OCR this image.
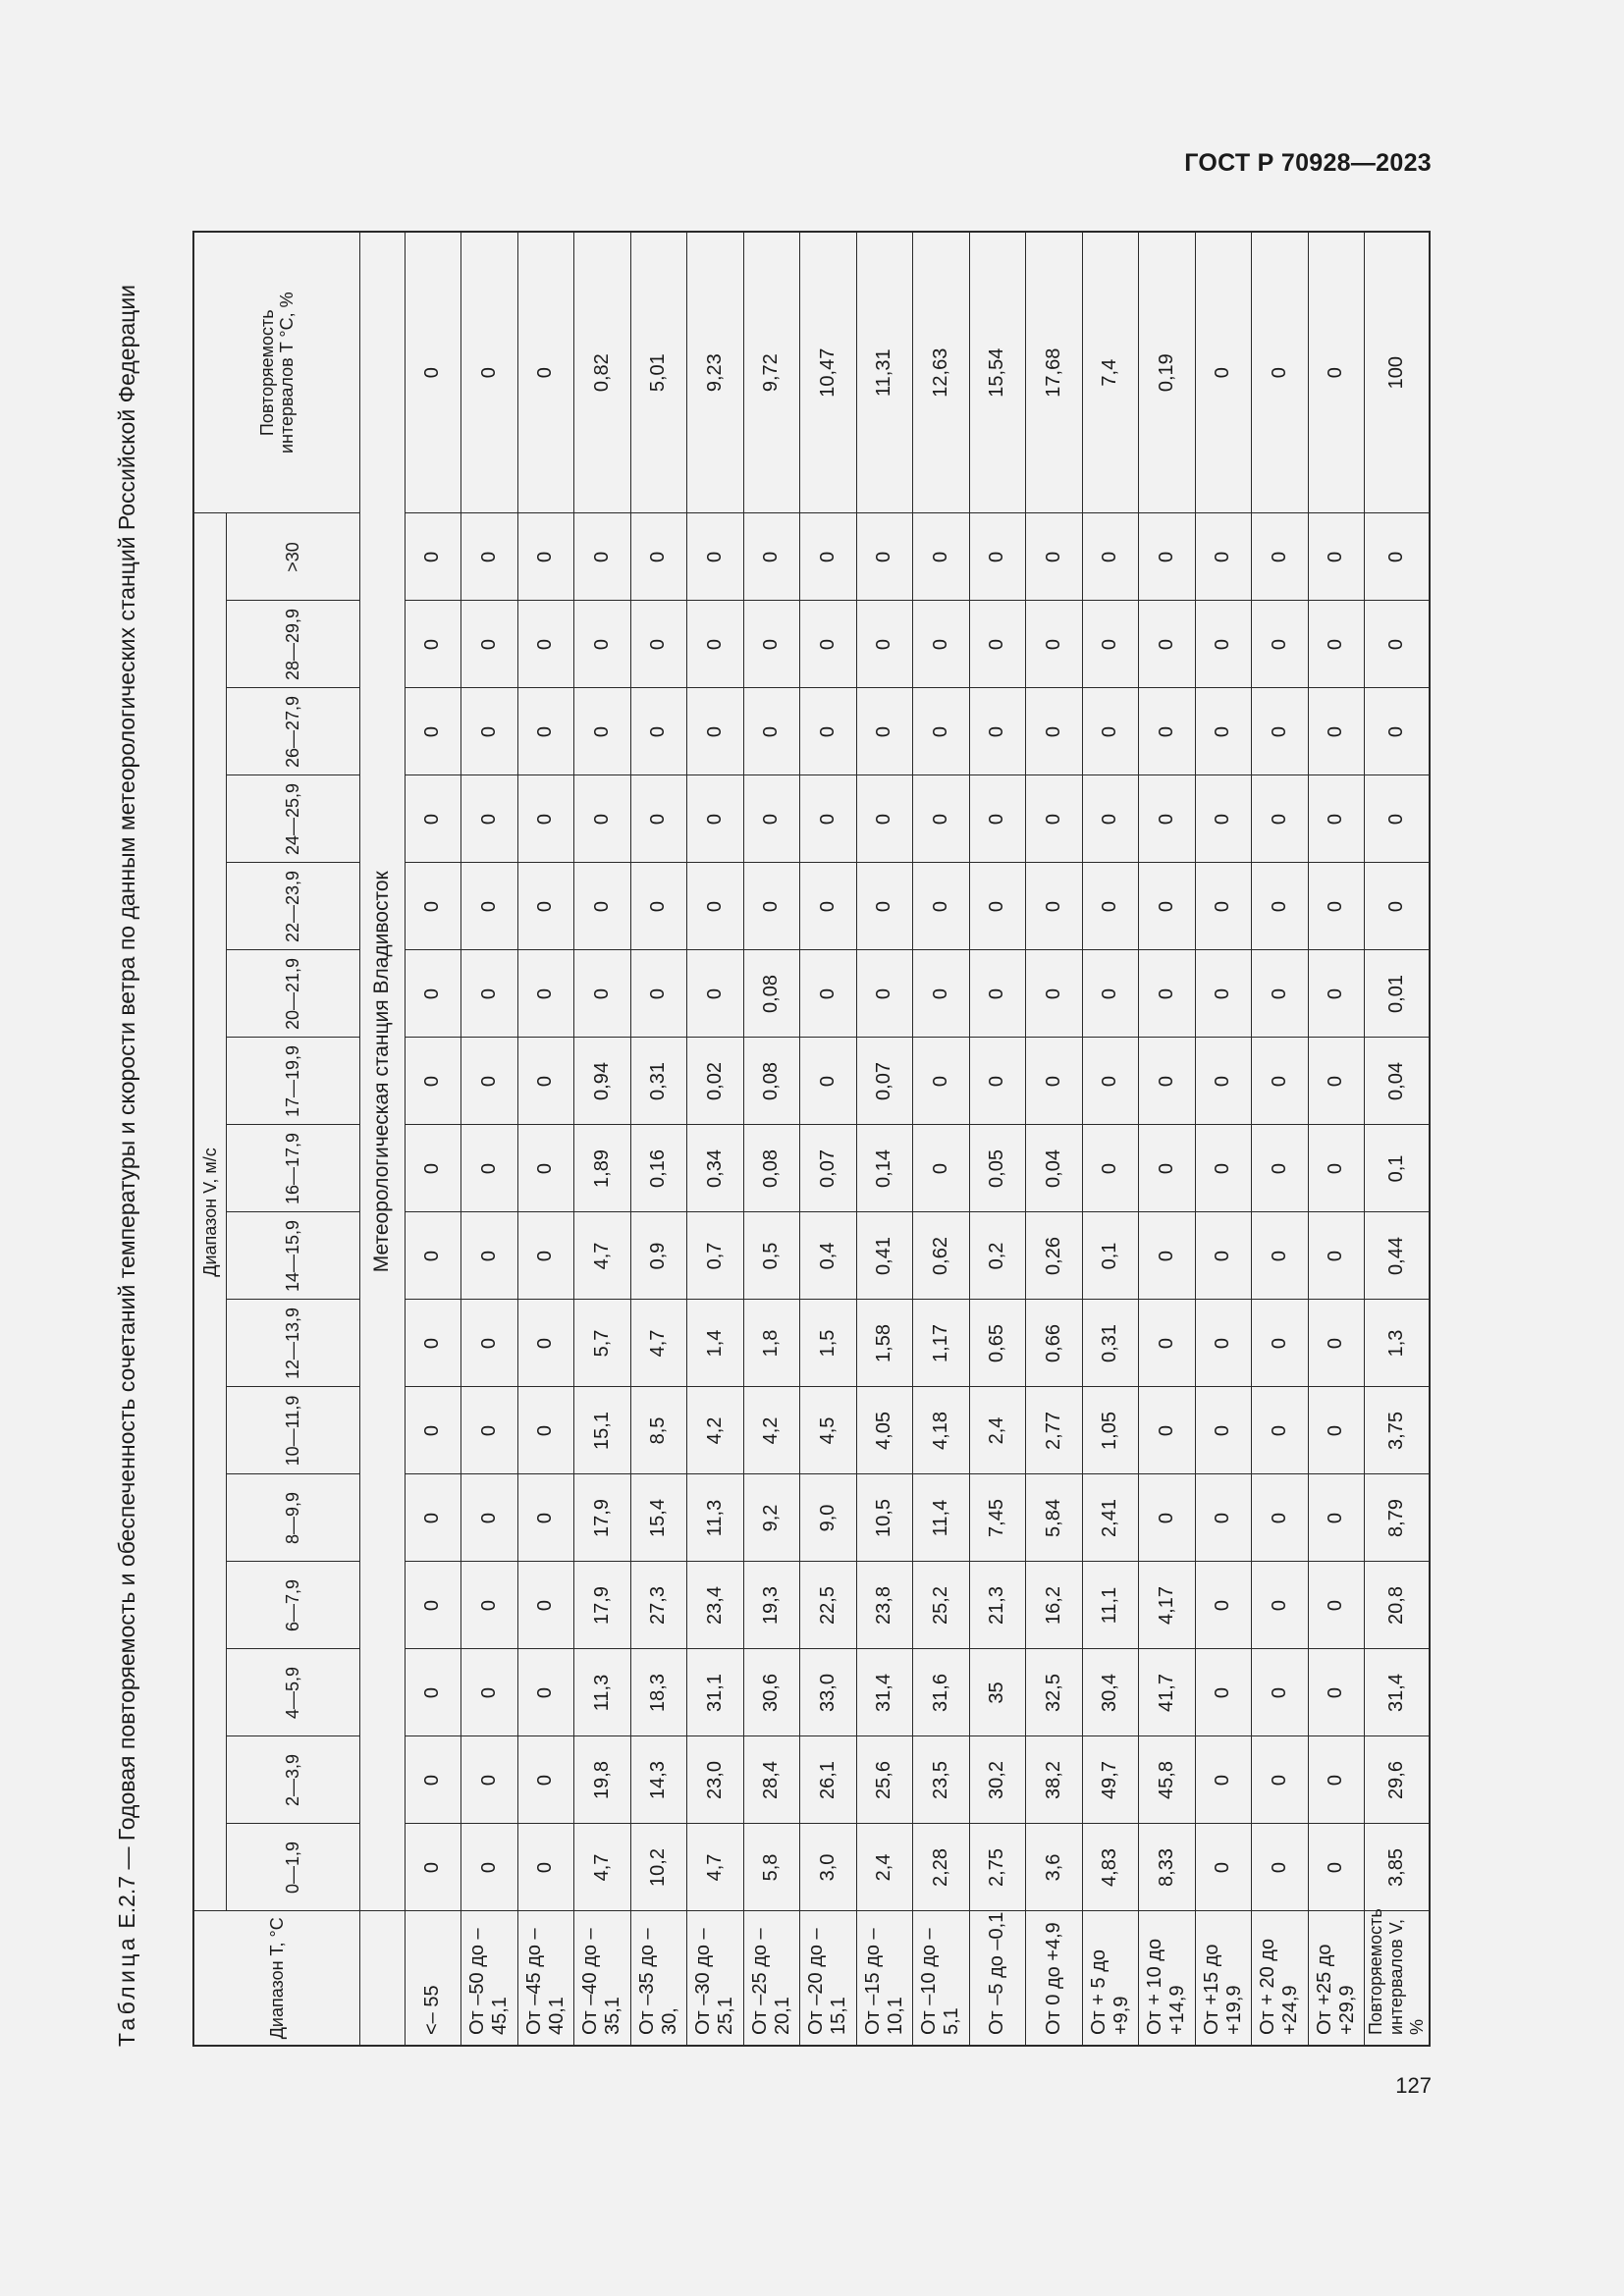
ГОСТ Р 70928—2023
Таблица Е.2.7 — Годовая повторяемость и обеспеченность сочетаний температуры и скорости ветра по данным метеорологических станций Российской Федерации
Диапазон T, °C	Диапазон V, м/с																Повторяемость интервалов T °C, %
	0—1,9	2—3,9	4—5,9	6—7,9	8—9,9	10—11,9	12—13,9	14—15,9	16—17,9	17—19,9	20—21,9	22—23,9	24—25,9	26—27,9	28—29,9	>30	
	Метеорологическая станция Владивосток																
<– 55	0	0	0	0	0	0	0	0	0	0	0	0	0	0	0	0	0
От –50 до –45,1	0	0	0	0	0	0	0	0	0	0	0	0	0	0	0	0	0
От –45 до –40,1	0	0	0	0	0	0	0	0	0	0	0	0	0	0	0	0	0
От –40 до –35,1	4,7	19,8	11,3	17,9	17,9	15,1	5,7	4,7	1,89	0,94	0	0	0	0	0	0	0,82
От –35 до –30,	10,2	14,3	18,3	27,3	15,4	8,5	4,7	0,9	0,16	0,31	0	0	0	0	0	0	5,01
От –30 до –25,1	4,7	23,0	31,1	23,4	11,3	4,2	1,4	0,7	0,34	0,02	0	0	0	0	0	0	9,23
От –25 до –20,1	5,8	28,4	30,6	19,3	9,2	4,2	1,8	0,5	0,08	0,08	0,08	0	0	0	0	0	9,72
От –20 до –15,1	3,0	26,1	33,0	22,5	9,0	4,5	1,5	0,4	0,07	0	0	0	0	0	0	0	10,47
От –15 до –10,1	2,4	25,6	31,4	23,8	10,5	4,05	1,58	0,41	0,14	0,07	0	0	0	0	0	0	11,31
От –10 до –5,1	2,28	23,5	31,6	25,2	11,4	4,18	1,17	0,62	0	0	0	0	0	0	0	0	12,63
От –5 до –0,1	2,75	30,2	35	21,3	7,45	2,4	0,65	0,2	0,05	0	0	0	0	0	0	0	15,54
От 0 до +4,9	3,6	38,2	32,5	16,2	5,84	2,77	0,66	0,26	0,04	0	0	0	0	0	0	0	17,68
От + 5 до +9,9	4,83	49,7	30,4	11,1	2,41	1,05	0,31	0,1	0	0	0	0	0	0	0	0	7,4
От + 10 до +14,9	8,33	45,8	41,7	4,17	0	0	0	0	0	0	0	0	0	0	0	0	0,19
От +15 до +19,9	0	0	0	0	0	0	0	0	0	0	0	0	0	0	0	0	0
От + 20 до +24,9	0	0	0	0	0	0	0	0	0	0	0	0	0	0	0	0	0
От +25 до +29,9	0	0	0	0	0	0	0	0	0	0	0	0	0	0	0	0	0
Повторяемость интервалов V, %	3,85	29,6	31,4	20,8	8,79	3,75	1,3	0,44	0,1	0,04	0,01	0	0	0	0	0	100
127
